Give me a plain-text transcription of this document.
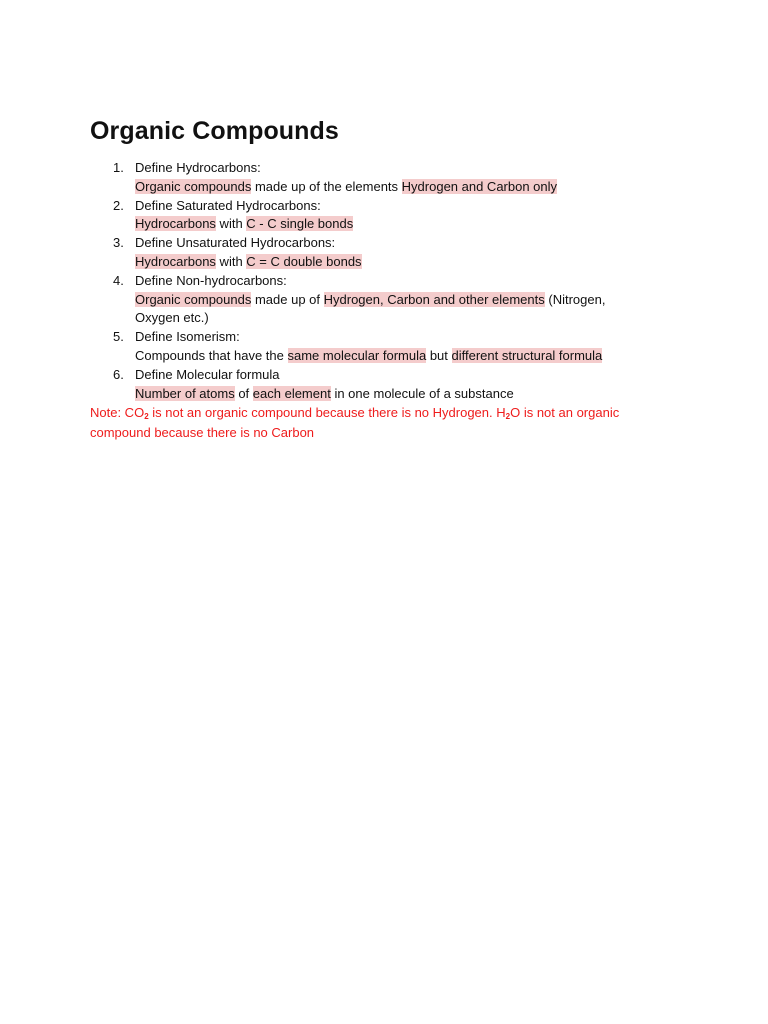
Organic Compounds
1. Define Hydrocarbons:
Organic compounds made up of the elements Hydrogen and Carbon only
2. Define Saturated Hydrocarbons:
Hydrocarbons with C - C single bonds
3. Define Unsaturated Hydrocarbons:
Hydrocarbons with C = C double bonds
4. Define Non-hydrocarbons:
Organic compounds made up of Hydrogen, Carbon and other elements (Nitrogen, Oxygen etc.)
5. Define Isomerism:
Compounds that have the same molecular formula but different structural formula
6. Define Molecular formula
Number of atoms of each element in one molecule of a substance

Note: $CO_2$ is not an organic compound because there is no Hydrogen. $H_2O$ is not an organic compound because there is no Carbon
